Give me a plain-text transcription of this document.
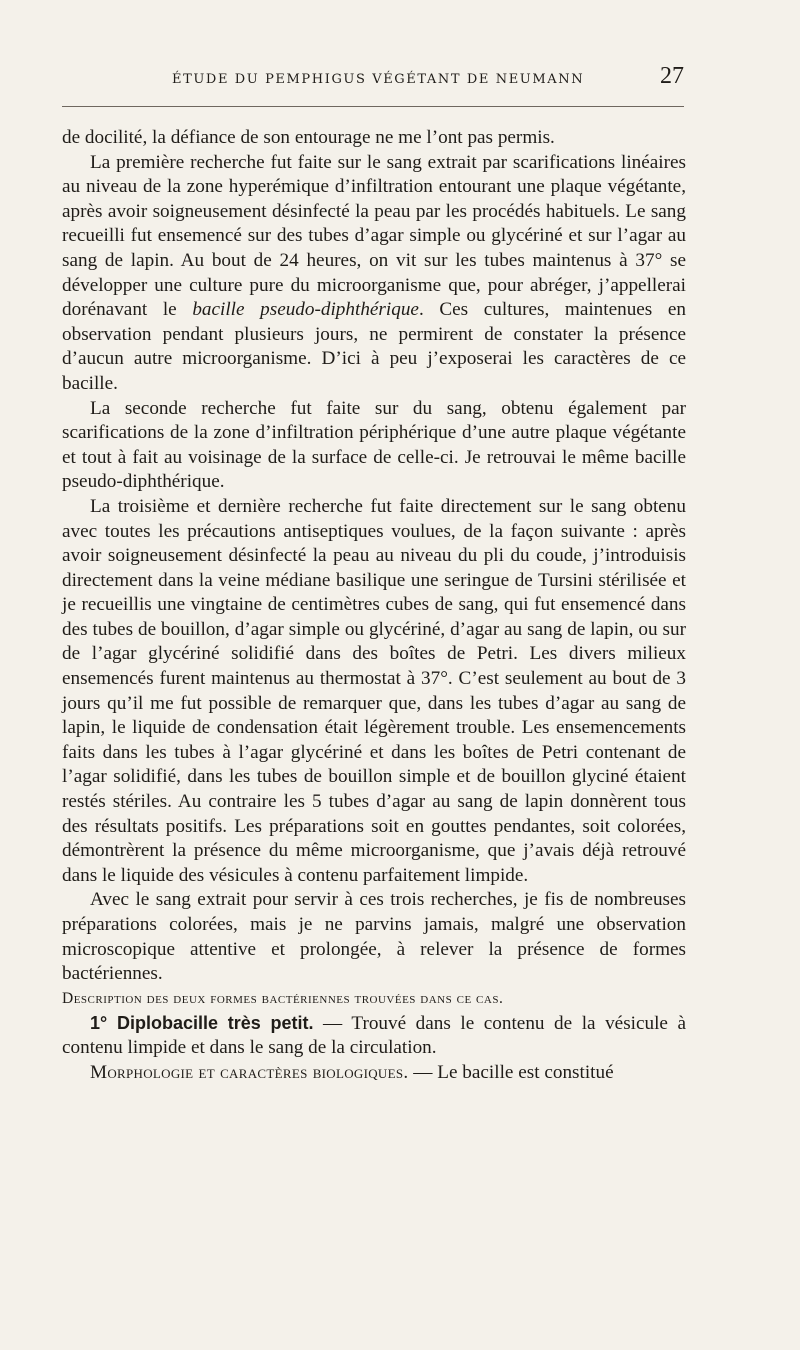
ÉTUDE DU PEMPHIGUS VÉGÉTANT DE NEUMANN	27

de docilité, la défiance de son entourage ne me l’ont pas permis.

La première recherche fut faite sur le sang extrait par scarifications linéaires au niveau de la zone hyperémique d’infiltration entourant une plaque végétante, après avoir soigneusement désinfecté la peau par les procédés habituels. Le sang recueilli fut ensemencé sur des tubes d’agar simple ou glycériné et sur l’agar au sang de lapin. Au bout de 24 heures, on vit sur les tubes maintenus à 37° se développer une culture pure du microorganisme que, pour abréger, j’appellerai dorénavant le bacille pseudo-diphthérique. Ces cultures, maintenues en observation pendant plusieurs jours, ne permirent de constater la présence d’aucun autre microorganisme. D’ici à peu j’exposerai les caractères de ce bacille.

La seconde recherche fut faite sur du sang, obtenu également par scarifications de la zone d’infiltration périphérique d’une autre plaque végétante et tout à fait au voisinage de la surface de celle-ci. Je retrouvai le même bacille pseudo-diphthérique.

La troisième et dernière recherche fut faite directement sur le sang obtenu avec toutes les précautions antiseptiques voulues, de la façon suivante : après avoir soigneusement désinfecté la peau au niveau du pli du coude, j’introduisis directement dans la veine médiane basilique une seringue de Tursini stérilisée et je recueillis une vingtaine de centimètres cubes de sang, qui fut ensemencé dans des tubes de bouillon, d’agar simple ou glycériné, d’agar au sang de lapin, ou sur de l’agar glycériné solidifié dans des boîtes de Petri. Les divers milieux ensemencés furent maintenus au thermostat à 37°. C’est seulement au bout de 3 jours qu’il me fut possible de remarquer que, dans les tubes d’agar au sang de lapin, le liquide de condensation était légèrement trouble. Les ensemencements faits dans les tubes à l’agar glycériné et dans les boîtes de Petri contenant de l’agar solidifié, dans les tubes de bouillon simple et de bouillon glyciné étaient restés stériles. Au contraire les 5 tubes d’agar au sang de lapin donnèrent tous des résultats positifs. Les préparations soit en gouttes pendantes, soit colorées, démontrèrent la présence du même microorganisme, que j’avais déjà retrouvé dans le liquide des vésicules à contenu parfaitement limpide.

Avec le sang extrait pour servir à ces trois recherches, je fis de nombreuses préparations colorées, mais je ne parvins jamais, malgré une observation microscopique attentive et prolongée, à relever la présence de formes bactériennes.

Description des deux formes bactériennes trouvées dans ce cas.

1° Diplobacille très petit. — Trouvé dans le contenu de la vésicule à contenu limpide et dans le sang de la circulation.

Morphologie et caractères biologiques. — Le bacille est constitué
